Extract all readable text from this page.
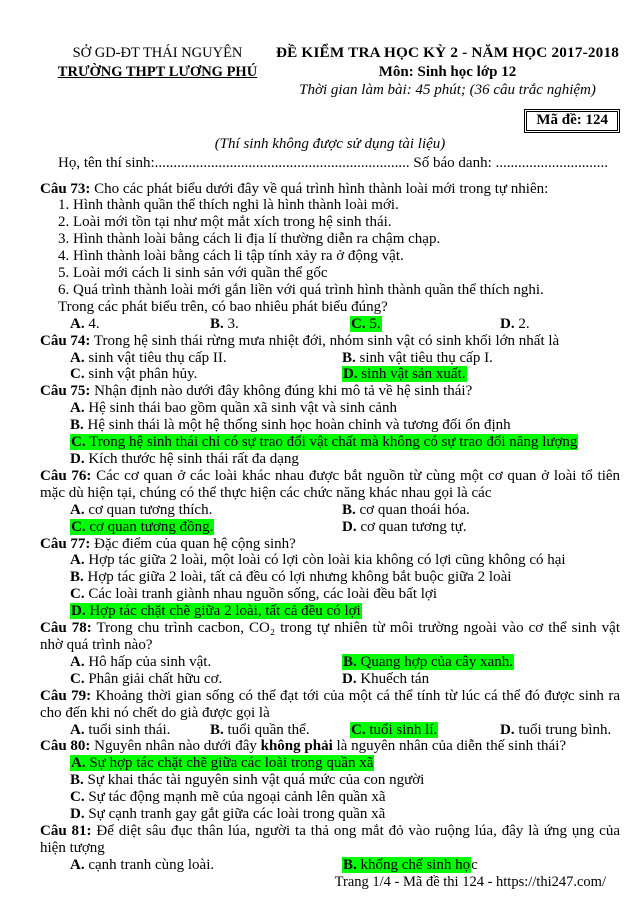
SỞ GD-ĐT THÁI NGUYÊN
TRƯỜNG THPT LƯƠNG PHÚ
ĐỀ KIỂM TRA HỌC KỲ 2 - NĂM HỌC 2017-2018
Môn: Sinh học lớp 12
Thời gian làm bài: 45 phút; (36 câu trắc nghiệm)
Mã đề: 124
(Thí sinh không được sử dụng tài liệu)
Họ, tên thí sinh:.................................................................... Số báo danh: ..............................
Câu 73: Cho các phát biểu dưới đây về quá trình hình thành loài mới trong tự nhiên:
1. Hình thành quần thể thích nghi là hình thành loài mới.
2. Loài mới tồn tại như một mắt xích trong hệ sinh thái.
3. Hình thành loài bằng cách li địa lí thường diễn ra chậm chạp.
4. Hình thành loài bằng cách li tập tính xảy ra ở động vật.
5. Loài mới cách li sinh sản với quần thể gốc
6. Quá trình thành loài mới gắn liền với quá trình hình thành quần thể thích nghi.
Trong các phát biểu trên, có bao nhiêu phát biểu đúng?
A. 4.	B. 3.	C. 5.	D. 2.
Câu 74: Trong hệ sinh thái rừng mưa nhiệt đới, nhóm sinh vật có sinh khối lớn nhất là
A. sinh vật tiêu thụ cấp II.	B. sinh vật tiêu thụ cấp I.
C. sinh vật phân hủy.	D. sinh vật sản xuất.
Câu 75: Nhận định nào dưới đây không đúng khi mô tả về hệ sinh thái?
A. Hệ sinh thái bao gồm quần xã sinh vật và sinh cảnh
B. Hệ sinh thái là một hệ thống sinh học hoàn chỉnh và tương đối ổn định
C. Trong hệ sinh thái chỉ có sự trao đổi vật chất mà không có sự trao đổi năng lượng
D. Kích thước hệ sinh thái rất đa dạng
Câu 76: Các cơ quan ở các loài khác nhau được bắt nguồn từ cùng một cơ quan ở loài tổ tiên mặc dù hiện tại, chúng có thể thực hiện các chức năng khác nhau gọi là các
A. cơ quan tương thích.	B. cơ quan thoái hóa.
C. cơ quan tương đồng.	D. cơ quan tương tự.
Câu 77: Đặc điểm của quan hệ cộng sinh?
A. Hợp tác giữa 2 loài, một loài có lợi còn loài kia không có lợi cũng không có hại
B. Hợp tác giữa 2 loài, tất cả đều có lợi nhưng không bắt buộc giữa 2 loài
C. Các loài tranh giành nhau nguồn sống, các loài đều bất lợi
D. Hợp tác chặt chẽ giữa 2 loài, tất cả đều có lợi
Câu 78: Trong chu trình cacbon, CO₂ trong tự nhiên từ môi trường ngoài vào cơ thể sinh vật nhờ quá trình nào?
A. Hô hấp của sinh vật.	B. Quang hợp của cây xanh.
C. Phân giải chất hữu cơ.	D. Khuếch tán
Câu 79: Khoảng thời gian sống có thể đạt tới của một cá thể tính từ lúc cá thể đó được sinh ra cho đến khi nó chết do già được gọi là
A. tuổi sinh thái.	B. tuổi quần thể.	C. tuổi sinh lí.	D. tuổi trung bình.
Câu 80: Nguyên nhân nào dưới đây không phải là nguyên nhân của diễn thế sinh thái?
A. Sự hợp tác chặt chẽ giữa các loài trong quần xã
B. Sự khai thác tài nguyên sinh vật quá mức của con người
C. Sự tác động mạnh mẽ của ngoại cảnh lên quần xã
D. Sự cạnh tranh gay gắt giữa các loài trong quần xã
Câu 81: Để diệt sâu đục thân lúa, người ta thả ong mắt đỏ vào ruộng lúa, đây là ứng ụng của hiện tượng
A. cạnh tranh cùng loài.	B. khống chế sinh học
Trang 1/4 - Mã đề thi 124 - https://thi247.com/
